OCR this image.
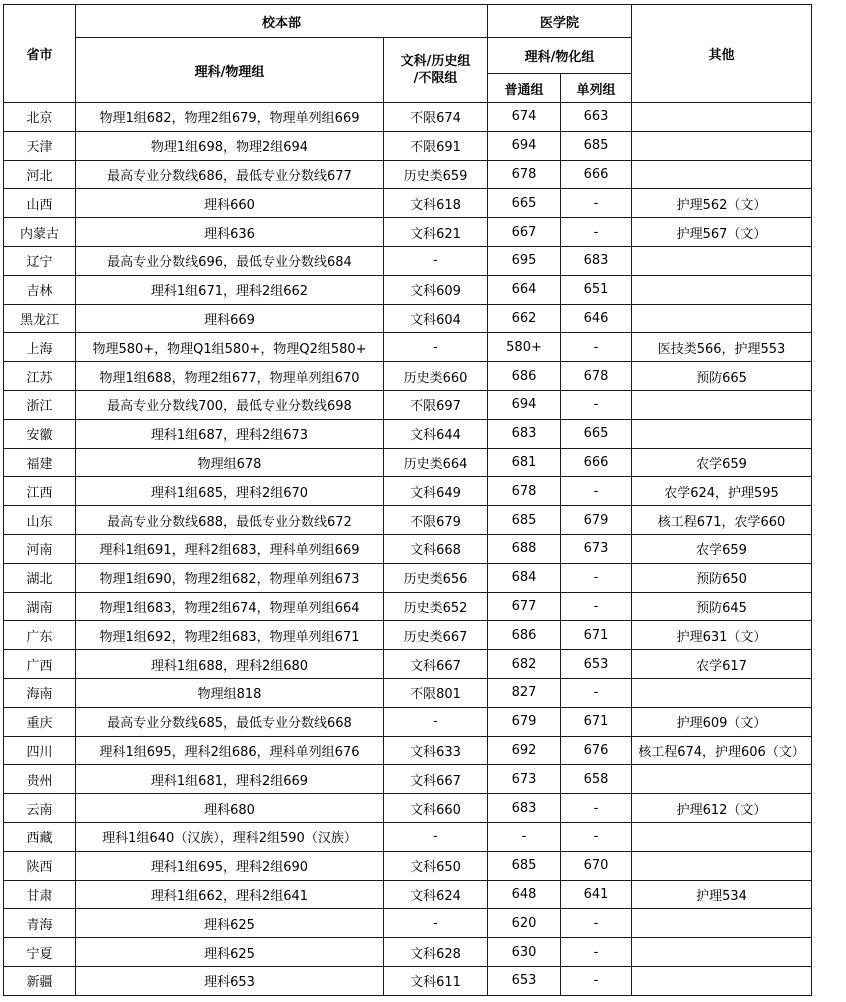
省市	校本部		医学院		其他
	理科/物理组	文科/历史组
/不限组	理科/物化组		
			普通组	单列组	
北京	物理1组682，物理2组679，物理单列组669	不限674	674	663	
天津	物理1组698，物理2组694	不限691	694	685	
河北	最高专业分数线686，最低专业分数线677	历史类659	678	666	
山西	理科660	文科618	665	-	护理562（文）
内蒙古	理科636	文科621	667	-	护理567（文）
辽宁	最高专业分数线696，最低专业分数线684	-	695	683	
吉林	理科1组671，理科2组662	文科609	664	651	
黑龙江	理科669	文科604	662	646	
上海	物理580+，物理Q1组580+，物理Q2组580+	-	580+	-	医技类566，护理553
江苏	物理1组688，物理2组677，物理单列组670	历史类660	686	678	预防665
浙江	最高专业分数线700，最低专业分数线698	不限697	694	-	
安徽	理科1组687，理科2组673	文科644	683	665	
福建	物理组678	历史类664	681	666	农学659
江西	理科1组685，理科2组670	文科649	678	-	农学624，护理595
山东	最高专业分数线688，最低专业分数线672	不限679	685	679	核工程671，农学660
河南	理科1组691，理科2组683，理科单列组669	文科668	688	673	农学659
湖北	物理1组690，物理2组682，物理单列组673	历史类656	684	-	预防650
湖南	物理1组683，物理2组674，物理单列组664	历史类652	677	-	预防645
广东	物理1组692，物理2组683，物理单列组671	历史类667	686	671	护理631（文）
广西	理科1组688，理科2组680	文科667	682	653	农学617
海南	物理组818	不限801	827	-	
重庆	最高专业分数线685，最低专业分数线668	-	679	671	护理609（文）
四川	理科1组695，理科2组686，理科单列组676	文科633	692	676	核工程674，护理606（文）
贵州	理科1组681，理科2组669	文科667	673	658	
云南	理科680	文科660	683	-	护理612（文）
西藏	理科1组640（汉族），理科2组590（汉族）	-	-	-	
陕西	理科1组695，理科2组690	文科650	685	670	
甘肃	理科1组662，理科2组641	文科624	648	641	护理534
青海	理科625	-	620	-	
宁夏	理科625	文科628	630	-	
新疆	理科653	文科611	653	-	
